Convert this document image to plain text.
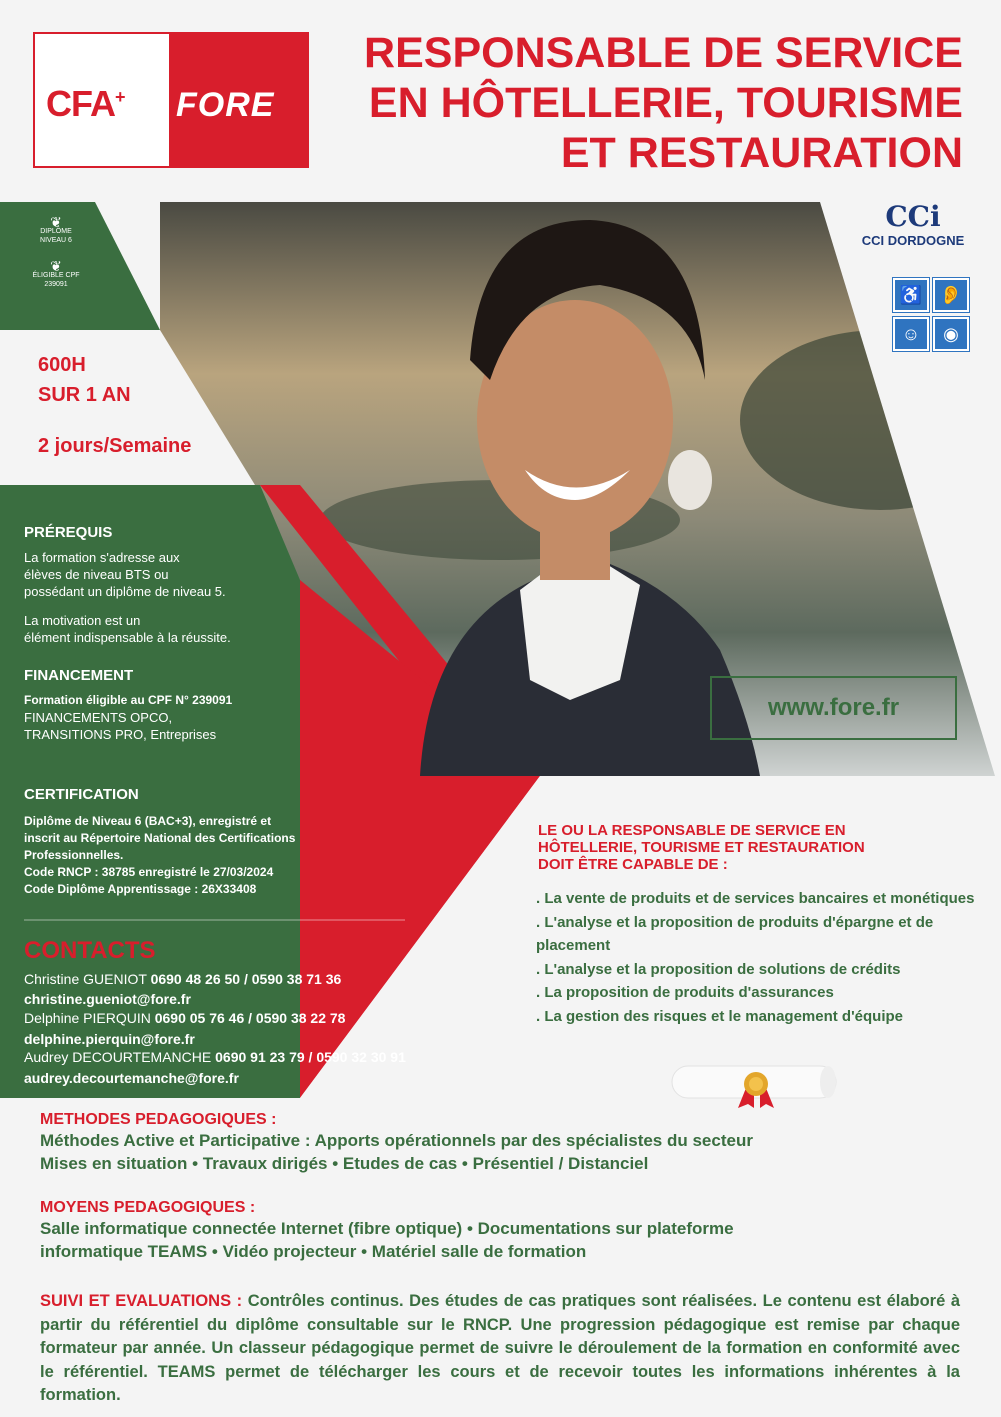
CFA+ FORE
RESPONSABLE DE SERVICE
EN HÔTELLERIE, TOURISME
ET RESTAURATION
❦
DIPLÔME NIVEAU 6
❦
ÉLIGIBLE CPF 239091
CCi
CCI DORDOGNE
♿ 👂
☺	◉
600H
SUR 1 AN
2 jours/Semaine
PRÉREQUIS
La formation s'adresse aux
élèves de niveau BTS ou
possédant un diplôme de niveau 5.
La motivation est un
élément indispensable à la réussite.
FINANCEMENT
Formation éligible au CPF N° 239091
FINANCEMENTS OPCO,
TRANSITIONS PRO, Entreprises
CERTIFICATION
Diplôme de Niveau 6 (BAC+3), enregistré et
inscrit au Répertoire National des Certifications
Professionnelles.
Code RNCP : 38785 enregistré le 27/03/2024
Code Diplôme Apprentissage : 26X33408
www.fore.fr
CONTACTS
Christine GUENIOT 0690 48 26 50 / 0590 38 71 36
christine.gueniot@fore.fr
Delphine PIERQUIN 0690 05 76 46 / 0590 38 22 78
delphine.pierquin@fore.fr
Audrey DECOURTEMANCHE 0690 91 23 79 / 0590 32 30 91
audrey.decourtemanche@fore.fr
LE OU LA RESPONSABLE DE SERVICE EN
HÔTELLERIE, TOURISME ET RESTAURATION
DOIT ÊTRE CAPABLE DE :
. La vente de produits et de services bancaires et monétiques
. L'analyse et la proposition de produits d'épargne et de placement
. L'analyse et la proposition de solutions de crédits
. La proposition de produits d'assurances
. La gestion des risques et le management d'équipe
METHODES PEDAGOGIQUES :
Méthodes Active et Participative : Apports opérationnels par des spécialistes du secteur
Mises en situation • Travaux dirigés • Etudes de cas • Présentiel / Distanciel
MOYENS PEDAGOGIQUES :
Salle informatique connectée Internet (fibre optique) • Documentations sur plateforme
informatique TEAMS • Vidéo projecteur • Matériel salle de formation
SUIVI ET EVALUATIONS : Contrôles continus. Des études de cas pratiques sont réalisées. Le contenu est élaboré à partir du référentiel du diplôme consultable sur le RNCP. Une progression pédagogique est remise par chaque formateur par année. Un classeur pédagogique permet de suivre le déroulement de la formation en conformité avec le référentiel. TEAMS permet de télécharger les cours et de recevoir toutes les informations inhérentes à la formation.
